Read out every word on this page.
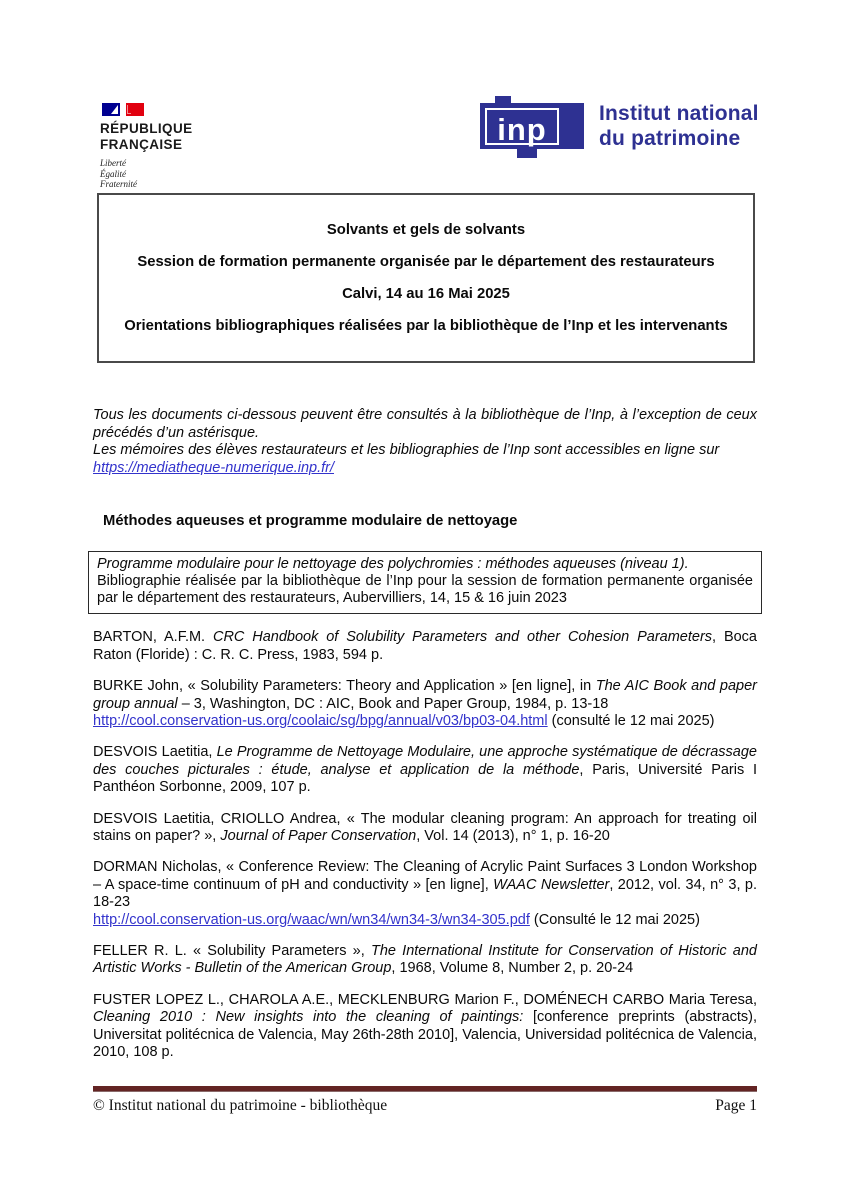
RÉPUBLIQUE
FRANÇAISE
Liberté
Égalité
Fraternité
inp Institut national
du patrimoine

Solvants et gels de solvants

Session de formation permanente organisée par le département des restaurateurs

Calvi, 14 au 16 Mai 2025

Orientations bibliographiques réalisées par la bibliothèque de l’Inp et les intervenants

Tous les documents ci-dessous peuvent être consultés à la bibliothèque de l’Inp, à l’exception de ceux précédés d’un astérisque.
Les mémoires des élèves restaurateurs et les bibliographies de l’Inp sont accessibles en ligne sur
https://mediatheque-numerique.inp.fr/

Méthodes aqueuses et programme modulaire de nettoyage
Programme modulaire pour le nettoyage des polychromies : méthodes aqueuses (niveau 1).
Bibliographie réalisée par la bibliothèque de l’Inp pour la session de formation permanente organisée par le département des restaurateurs, Aubervilliers, 14, 15 & 16 juin 2023

BARTON, A.F.M. CRC Handbook of Solubility Parameters and other Cohesion Parameters, Boca Raton (Floride) : C. R. C. Press, 1983, 594 p.

BURKE John, « Solubility Parameters: Theory and Application » [en ligne], in The AIC Book and paper group annual – 3, Washington, DC : AIC, Book and Paper Group, 1984, p. 13-18
http://cool.conservation-us.org/coolaic/sg/bpg/annual/v03/bp03-04.html (consulté le 12 mai 2025)

DESVOIS Laetitia, Le Programme de Nettoyage Modulaire, une approche systématique de décrassage des couches picturales : étude, analyse et application de la méthode, Paris, Université Paris I Panthéon Sorbonne, 2009, 107 p.

DESVOIS Laetitia, CRIOLLO Andrea, « The modular cleaning program: An approach for treating oil stains on paper? », Journal of Paper Conservation, Vol. 14 (2013), n° 1, p. 16-20

DORMAN Nicholas, « Conference Review: The Cleaning of Acrylic Paint Surfaces 3 London Workshop – A space-time continuum of pH and conductivity » [en ligne], WAAC Newsletter, 2012, vol. 34, n° 3, p. 18-23
http://cool.conservation-us.org/waac/wn/wn34/wn34-3/wn34-305.pdf (Consulté le 12 mai 2025)

FELLER R. L. « Solubility Parameters », The International Institute for Conservation of Historic and Artistic Works - Bulletin of the American Group, 1968, Volume 8, Number 2, p. 20-24

FUSTER LOPEZ L., CHAROLA A.E., MECKLENBURG Marion F., DOMÉNECH CARBO Maria Teresa, Cleaning 2010 : New insights into the cleaning of paintings: [conference preprints (abstracts), Universitat politécnica de Valencia, May 26th-28th 2010], Valencia, Universidad politécnica de Valencia, 2010, 108 p.

© Institut national du patrimoine - bibliothèque	Page 1
